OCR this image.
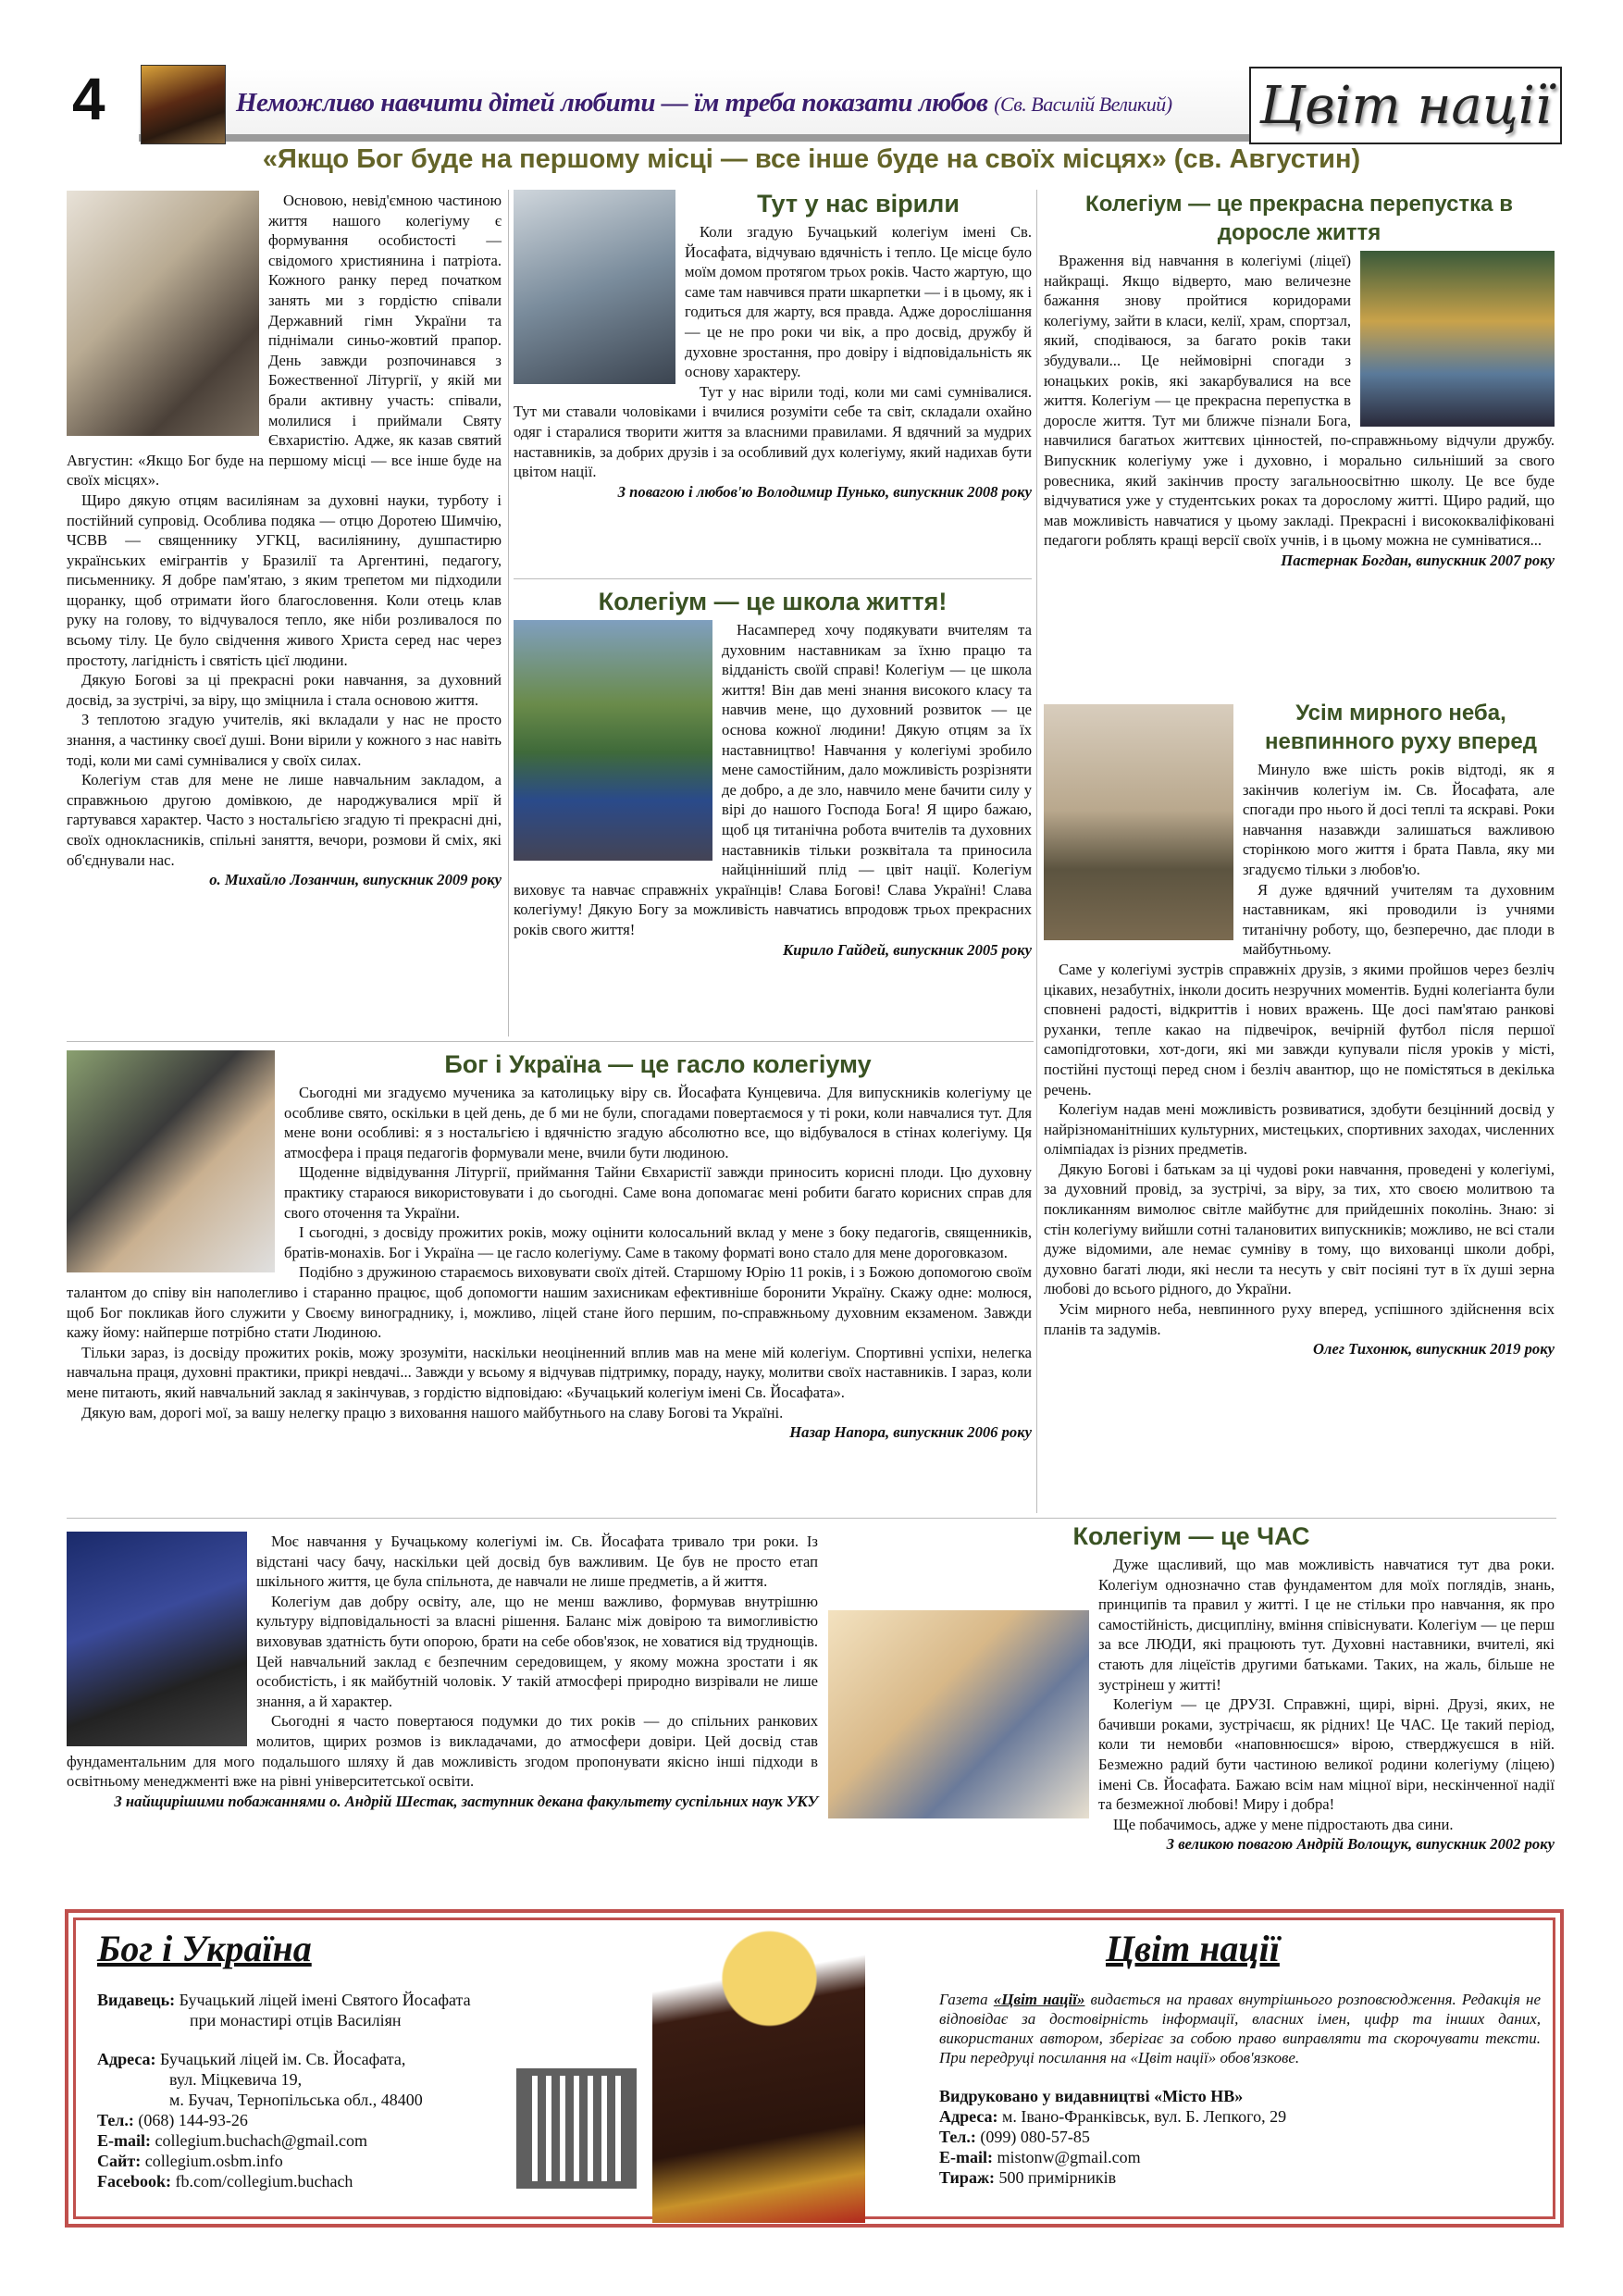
4	Неможливо навчити дітей любити — їм треба показати любов (Св. Василій Великий) Цвіт нації
«Якщо Бог буде на першому місці — все інше буде на своїх місцях» (св. Августин)

Основою, невід'ємною частиною життя нашого колегіуму є формування особистості — свідомого християнина і патріота. Кожного ранку перед початком занять ми з гордістю співали Державний гімн України та піднімали синьо-жовтий прапор. День завжди розпочинався з Божественної Літургії, у якій ми брали активну участь: співали, молилися і приймали Святу Євхаристію. Адже, як казав святий Августин: «Якщо Бог буде на першому місці — все інше буде на своїх місцях».

Щиро дякую отцям василіянам за духовні науки, турботу і постійний супровід. Особлива подяка — отцю Доротею Шимчію, ЧСВВ — священнику УГКЦ, василіянину, душпастирю українських емігрантів у Бразилії та Аргентині, педагогу, письменнику. Я добре пам'ятаю, з яким трепетом ми підходили щоранку, щоб отримати його благословення. Коли отець клав руку на голову, то відчувалося тепло, яке ніби розливалося по всьому тілу. Це було свідчення живого Христа серед нас через простоту, лагідність і святість цієї людини.

Дякую Богові за ці прекрасні роки навчання, за духовний досвід, за зустрічі, за віру, що зміцнила і стала основою життя.

З теплотою згадую учителів, які вкладали у нас не просто знання, а частинку своєї душі. Вони вірили у кожного з нас навіть тоді, коли ми самі сумнівалися у своїх силах.

Колегіум став для мене не лише навчальним закладом, а справжньою другою домівкою, де народжувалися мрії й гартувався характер. Часто з ностальгією згадую ті прекрасні дні, своїх однокласників, спільні заняття, вечори, розмови й сміх, які об'єднували нас.

о. Михайло Лозанчин, випускник 2009 року

Тут у нас вірили

Коли згадую Бучацький колегіум імені Св. Йосафата, відчуваю вдячність і тепло. Це місце було моїм домом протягом трьох років. Часто жартую, що саме там навчився прати шкарпетки — і в цьому, як і годиться для жарту, вся правда. Адже дорослішання — це не про роки чи вік, а про досвід, дружбу й духовне зростання, про довіру і відповідальність як основу характеру.

Тут у нас вірили тоді, коли ми самі сумнівалися. Тут ми ставали чоловіками і вчилися розуміти себе та світ, складали охайно одяг і старалися творити життя за власними правилами. Я вдячний за мудрих наставників, за добрих друзів і за особливий дух колегіуму, який надихав бути цвітом нації.

З повагою і любов'ю Володимир Пунько, випускник 2008 року

Колегіум — це школа життя!

Насамперед хочу подякувати вчителям та духовним наставникам за їхню працю та відданість своїй справі! Колегіум — це школа життя! Він дав мені знання високого класу та навчив мене, що духовний розвиток — це основа кожної людини! Дякую отцям за їх наставництво! Навчання у колегіумі зробило мене самостійним, дало можливість розрізняти де добро, а де зло, навчило мене бачити силу у вірі до нашого Господа Бога! Я щиро бажаю, щоб ця титанічна робота вчителів та духовних наставників тільки розквітала та приносила найцінніший плід — цвіт нації. Колегіум виховує та навчає справжніх українців! Слава Богові! Слава Україні! Слава колегіуму! Дякую Богу за можливість навчатись впродовж трьох прекрасних років свого життя!

Кирило Гайдей, випускник 2005 року

Колегіум — це прекрасна перепустка в доросле життя

Враження від навчання в колегіумі (ліцеї) найкращі. Якщо відверто, маю величезне бажання знову пройтися коридорами колегіуму, зайти в класи, келії, храм, спортзал, який, сподіваюся, за багато років таки збудували... Це неймовірні спогади з юнацьких років, які закарбувалися на все життя. Колегіум — це прекрасна перепустка в доросле життя. Тут ми ближче пізнали Бога, навчилися багатьох життєвих цінностей, по-справжньому відчули дружбу. Випускник колегіуму уже і духовно, і морально сильніший за свого ровесника, який закінчив просту загальноосвітню школу. Це все буде відчуватися уже у студентських роках та дорослому житті. Щиро радий, що мав можливість навчатися у цьому закладі. Прекрасні і висококваліфіковані педагоги роблять кращі версії своїх учнів, і в цьому можна не сумніватися...

Пастернак Богдан, випускник 2007 року

Усім мирного неба, невпинного руху вперед

Минуло вже шість років відтоді, як я закінчив колегіум ім. Св. Йосафата, але спогади про нього й досі теплі та яскраві. Роки навчання назавжди залишаться важливою сторінкою мого життя і брата Павла, яку ми згадуємо тільки з любов'ю.

Я дуже вдячний учителям та духовним наставникам, які проводили із учнями титанічну роботу, що, безперечно, дає плоди в майбутньому.

Саме у колегіумі зустрів справжніх друзів, з якими пройшов через безліч цікавих, незабутніх, інколи досить незручних моментів. Будні колегіанта були сповнені радості, відкриттів і нових вражень. Ще досі пам'ятаю ранкові руханки, тепле какао на підвечірок, вечірній футбол після першої самопідготовки, хот-доги, які ми завжди купували після уроків у місті, постійні пустощі перед сном і безліч авантюр, що не помістяться в декілька речень.

Колегіум надав мені можливість розвиватися, здобути безцінний досвід у найрізноманітніших культурних, мистецьких, спортивних заходах, численних олімпіадах із різних предметів.

Дякую Богові і батькам за ці чудові роки навчання, проведені у колегіумі, за духовний провід, за зустрічі, за віру, за тих, хто своєю молитвою та покликанням вимолює світле майбутнє для прийдешніх поколінь. Знаю: зі стін колегіуму вийшли сотні талановитих випускників; можливо, не всі стали дуже відомими, але немає сумніву в тому, що вихованці школи добрі, духовно багаті люди, які несли та несуть у світ посіяні тут в їх душі зерна любові до всього рідного, до України.

Усім мирного неба, невпинного руху вперед, успішного здійснення всіх планів та задумів.

Олег Тихонюк, випускник 2019 року

Бог і Україна — це гасло колегіуму

Сьогодні ми згадуємо мученика за католицьку віру св. Йосафата Кунцевича. Для випускників колегіуму це особливе свято, оскільки в цей день, де б ми не були, спогадами повертаємося у ті роки, коли навчалися тут. Для мене вони особливі: я з ностальгією і вдячністю згадую абсолютно все, що відбувалося в стінах колегіуму. Ця атмосфера і праця педагогів формували мене, вчили бути людиною.

Щоденне відвідування Літургії, приймання Тайни Євхаристії завжди приносить корисні плоди. Цю духовну практику стараюся використовувати і до сьогодні. Саме вона допомагає мені робити багато корисних справ для свого оточення та України.

І сьогодні, з досвіду прожитих років, можу оцінити колосальний вклад у мене з боку педагогів, священників, братів-монахів. Бог і Україна — це гасло колегіуму. Саме в такому форматі воно стало для мене дороговказом.

Подібно з дружиною стараємось виховувати своїх дітей. Старшому Юрію 11 років, і з Божою допомогою своїм талантом до співу він наполегливо і старанно працює, щоб допомогти нашим захисникам ефективніше боронити Україну. Скажу одне: молюся, щоб Бог покликав його служити у Своєму винограднику, і, можливо, ліцей стане його першим, по-справжньому духовним екзаменом. Завжди кажу йому: найперше потрібно стати Людиною.

Тільки зараз, із досвіду прожитих років, можу зрозуміти, наскільки неоціненний вплив мав на мене мій колегіум. Спортивні успіхи, нелегка навчальна праця, духовні практики, прикрі невдачі... Завжди у всьому я відчував підтримку, пораду, науку, молитви своїх наставників. І зараз, коли мене питають, який навчальний заклад я закінчував, з гордістю відповідаю: «Бучацький колегіум імені Св. Йосафата».

Дякую вам, дорогі мої, за вашу нелегку працю з виховання нашого майбутнього на славу Богові та Україні.

Назар Напора, випускник 2006 року

Моє навчання у Бучацькому колегіумі ім. Св. Йосафата тривало три роки. Із відстані часу бачу, наскільки цей досвід був важливим. Це був не просто етап шкільного життя, це була спільнота, де навчали не лише предметів, а й життя.

Колегіум дав добру освіту, але, що не менш важливо, формував внутрішню культуру відповідальності за власні рішення. Баланс між довірою та вимогливістю виховував здатність бути опорою, брати на себе обов'язок, не ховатися від труднощів. Цей навчальний заклад є безпечним середовищем, у якому можна зростати і як особистість, і як майбутній чоловік. У такій атмосфері природно визрівали не лише знання, а й характер.

Сьогодні я часто повертаюся подумки до тих років — до спільних ранкових молитов, щирих розмов із викладачами, до атмосфери довіри. Цей досвід став фундаментальним для мого подальшого шляху й дав можливість згодом пропонувати якісно інші підходи в освітньому менеджменті вже на рівні університетської освіти.

З найщирішими побажаннями о. Андрій Шестак, заступник декана факультету суспільних наук УКУ

Колегіум — це ЧАС

Дуже щасливий, що мав можливість навчатися тут два роки. Колегіум однозначно став фундаментом для моїх поглядів, знань, принципів та правил у житті. І це не стільки про навчання, як про самостійність, дисципліну, вміння співіснувати. Колегіум — це перш за все ЛЮДИ, які працюють тут. Духовні наставники, вчителі, які стають для ліцеїстів другими батьками. Таких, на жаль, більше не зустрінеш у житті!

Колегіум — це ДРУЗІ. Справжні, щирі, вірні. Друзі, яких, не бачивши роками, зустрічаєш, як рідних! Це ЧАС. Це такий період, коли ти немовби «наповнюєшся» вірою, стверджуєшся в ній. Безмежно радий бути частиною великої родини колегіуму (ліцею) імені Св. Йосафата. Бажаю всім нам міцної віри, нескінченної надії та безмежної любові! Миру і добра!

Ще побачимось, адже у мене підростають два сини.

З великою повагою Андрій Волощук, випускник 2002 року

Бог і Україна
Видавець: Бучацький ліцей імені Святого Йосафата
при монастирі отців Василіян
Адреса: Бучацький ліцей ім. Св. Йосафата,
вул. Міцкевича 19,
м. Бучач, Тернопільська обл., 48400
Тел.: (068) 144-93-26
E-mail: collegium.buchach@gmail.com
Сайт: collegium.osbm.info
Facebook: fb.com/collegium.buchach
Цвіт нації
Газета «Цвіт нації» видається на правах внутрішнього розповсюдження. Редакція не відповідає за достовірність інформації, власних імен, цифр та інших даних, використаних автором, зберігає за собою право виправляти та скорочувати тексти. При передруці посилання на «Цвіт нації» обов'язкове.
Видруковано у видавництві «Місто НВ»
Адреса: м. Івано-Франківськ, вул. Б. Лепкого, 29
Тел.: (099) 080-57-85
E-mail: mistonw@gmail.com
Тираж: 500 примірників
